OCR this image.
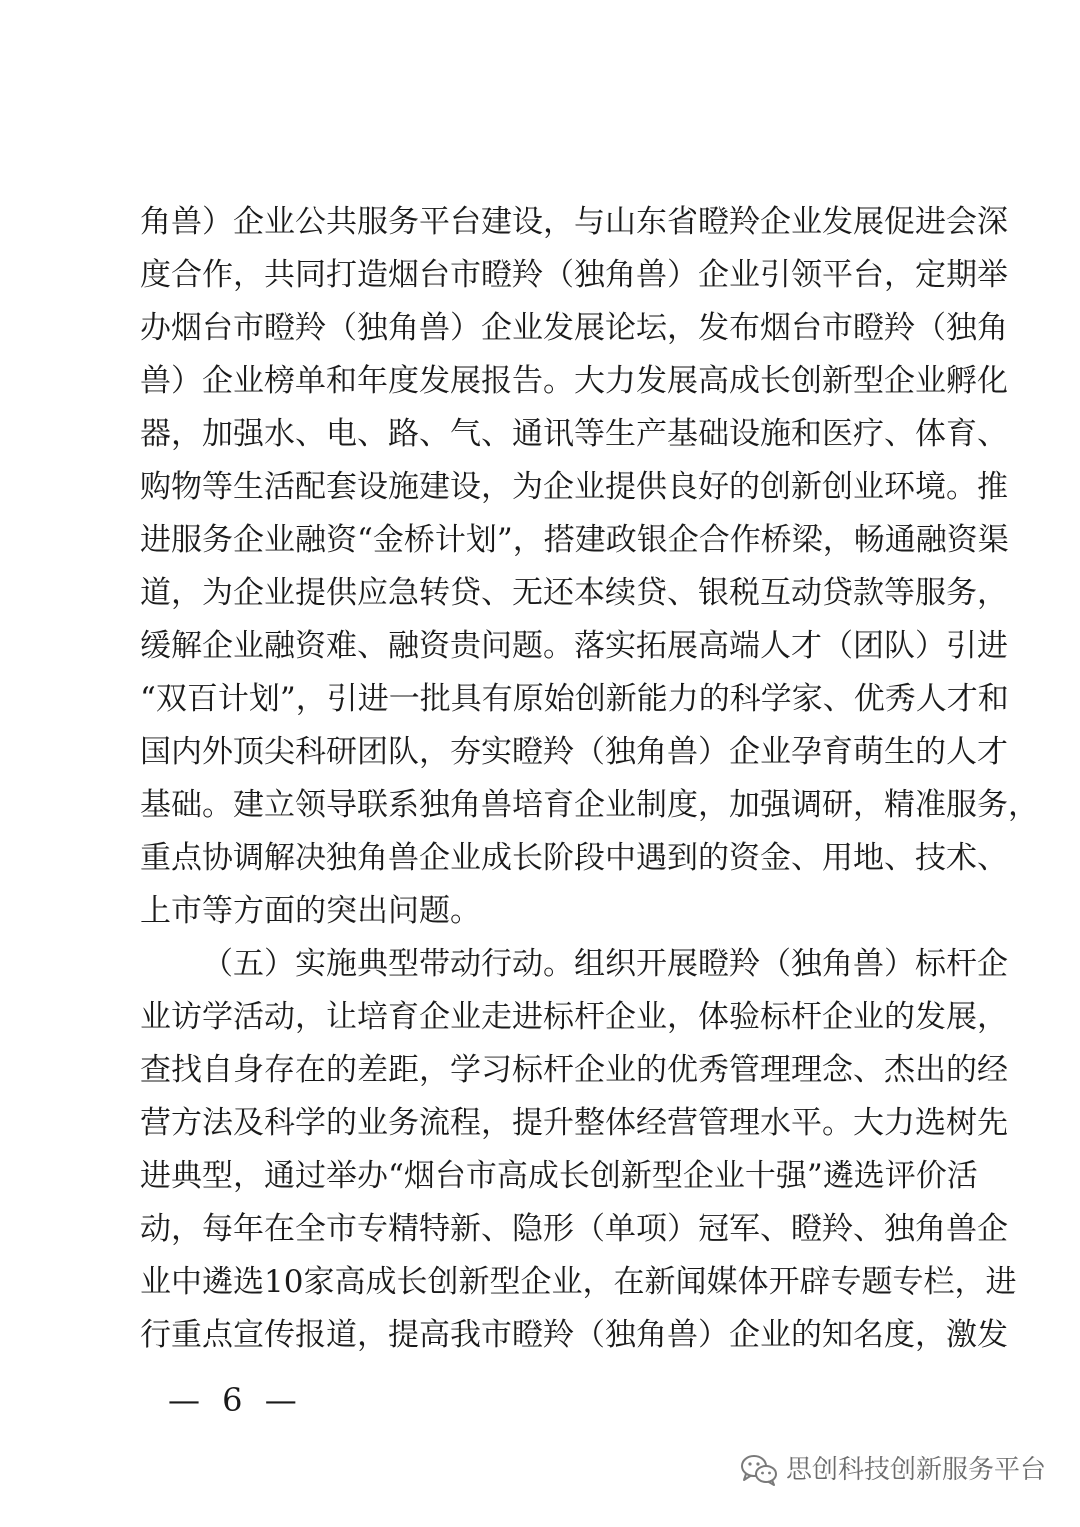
角兽）企业公共服务平台建设，与山东省瞪羚企业发展促进会深
度合作，共同打造烟台市瞪羚（独角兽）企业引领平台，定期举
办烟台市瞪羚（独角兽）企业发展论坛，发布烟台市瞪羚（独角
兽）企业榜单和年度发展报告。大力发展高成长创新型企业孵化
器，加强水、电、路、气、通讯等生产基础设施和医疗、体育、
购物等生活配套设施建设，为企业提供良好的创新创业环境。推
进服务企业融资“金桥计划”，搭建政银企合作桥梁，畅通融资渠
道，为企业提供应急转贷、无还本续贷、银税互动贷款等服务，
缓解企业融资难、融资贵问题。落实拓展高端人才（团队）引进
“双百计划”，引进一批具有原始创新能力的科学家、优秀人才和
国内外顶尖科研团队，夯实瞪羚（独角兽）企业孕育萌生的人才
基础。建立领导联系独角兽培育企业制度，加强调研，精准服务，
重点协调解决独角兽企业成长阶段中遇到的资金、用地、技术、
上市等方面的突出问题。
（五）实施典型带动行动。组织开展瞪羚（独角兽）标杆企
业访学活动，让培育企业走进标杆企业，体验标杆企业的发展，
查找自身存在的差距，学习标杆企业的优秀管理理念、杰出的经
营方法及科学的业务流程，提升整体经营管理水平。大力选树先
进典型，通过举办“烟台市高成长创新型企业十强”遴选评价活
动，每年在全市专精特新、隐形（单项）冠军、瞪羚、独角兽企
业中遴选10家高成长创新型企业，在新闻媒体开辟专题专栏，进
行重点宣传报道，提高我市瞪羚（独角兽）企业的知名度，激发
— 6 —
思创科技创新服务平台
